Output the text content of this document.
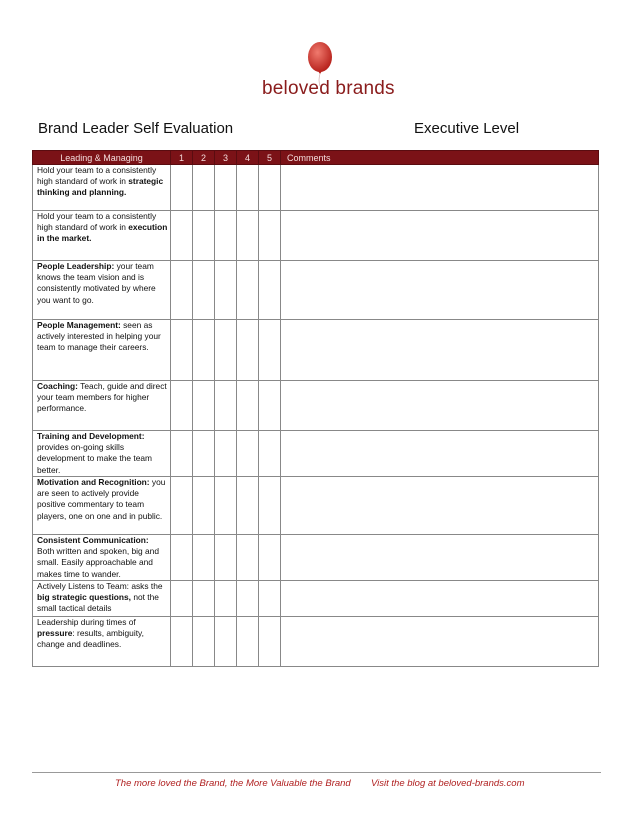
beloved brands
Brand Leader Self Evaluation	Executive Level
Leading & Managing	1	2	3	4	5	Comments
Hold your team to a consistently high standard of work in strategic thinking and planning.						
Hold your team to a consistently high standard of work in execution in the market.						
People Leadership: your team knows the team vision and is consistently motivated by where you want to go.						
People Management: seen as actively interested in helping your team to manage their careers.						
Coaching: Teach, guide and direct your team members for higher performance.						
Training and Development: provides on-going skills development to make the team better.						
Motivation and Recognition: you are seen to actively provide positive commentary to team players, one on one and in public.						
Consistent Communication: Both written and spoken, big and small. Easily approachable and makes time to wander.						
Actively Listens to Team: asks the big strategic questions, not the small tactical details						
Leadership during times of pressure: results, ambiguity, change and deadlines.						
The more loved the Brand, the More Valuable the Brand Visit the blog at beloved-brands.com
